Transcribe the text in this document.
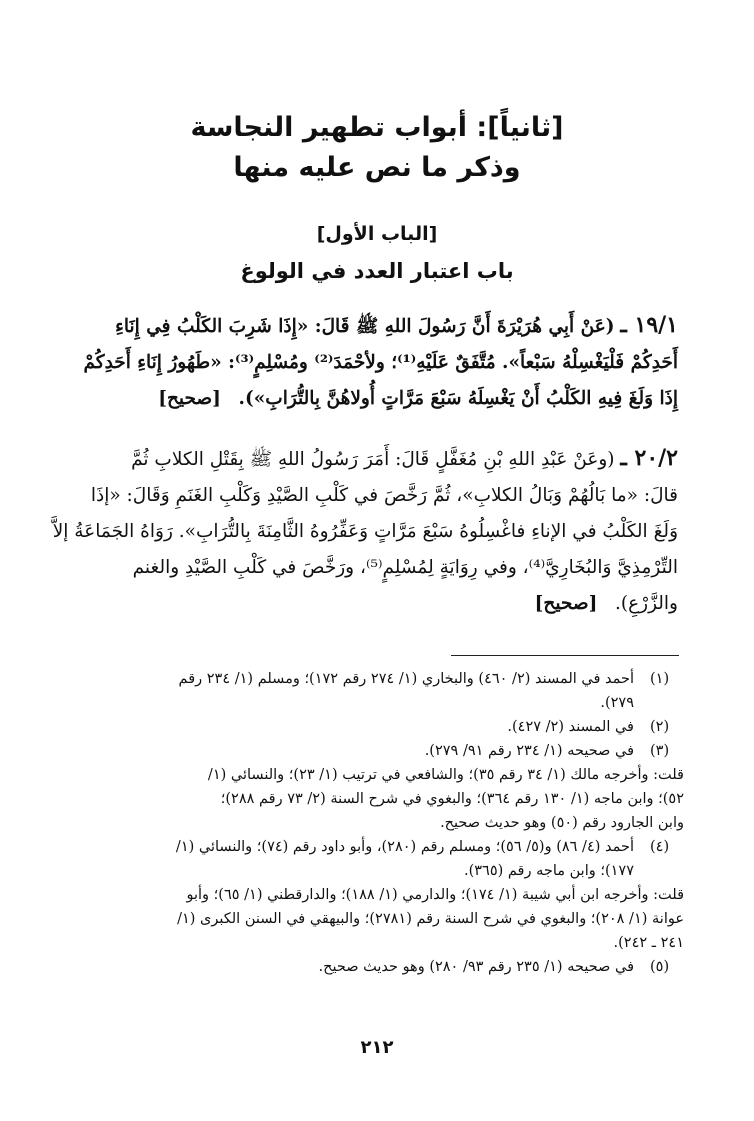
[ثانياً]: أبواب تطهير النجاسة
وذكر ما نص عليه منها
[الباب الأول]
باب اعتبار العدد في الولوغ
١٩/١ ـ (عَنْ أَبِي هُرَيْرَةَ أَنَّ رَسُولَ اللهِ ﷺ قَالَ: «إِذَا شَرِبَ الكَلْبُ فِي إِنَاءِ
أَحَدِكُمْ فَلْيَغْسِلْهُ سَبْعاً». مُتَّفَقٌ عَلَيْهِ⁽¹⁾؛ ولأحْمَدَ⁽²⁾ ومُسْلِمٍ⁽³⁾: «طَهُورُ إِنَاءِ أَحَدِكُمْ
إِذَا وَلَغَ فِيهِ الكَلْبُ أَنْ يَغْسِلَهُ سَبْعَ مَرَّاتٍ أُولاهُنَّ بِالتُّرَابِ»).   [صحيح]
٢٠/٢ ـ (وعَنْ عَبْدِ اللهِ بْنِ مُغَفَّلٍ قَالَ: أَمَرَ رَسُولُ اللهِ ﷺ بِقَتْلِ الكلابِ ثُمَّ
قالَ: «ما بَالُهُمْ وَبَالُ الكلابِ»، ثُمَّ رَخَّصَ في كَلْبِ الصَّيْدِ وَكَلْبِ الغَنَمِ وَقَالَ: «إذَا
وَلَغَ الكَلْبُ في الإناءِ فاغْسِلُوهُ سَبْعَ مَرَّاتٍ وَعَفِّرُوهُ الثَّامِنَةَ بِالتُّرَابِ». رَوَاهُ الجَمَاعَةُ إلاَّ
التِّرْمِذِيَّ وَالبُخَارِيَّ⁽⁴⁾، وفي رِوَايَةٍ لِمُسْلِمٍ⁽⁵⁾، ورَخَّصَ في كَلْبِ الصَّيْدِ والغنم
والزَّرْعِ).   [صحيح]
(١)
أحمد في المسند (٢/ ٤٦٠) والبخاري (١/ ٢٧٤ رقم ١٧٢)؛ ومسلم (١/ ٢٣٤ رقم
٢٧٩).
(٢)
في المسند (٢/ ٤٢٧).
(٣)
في صحيحه (١/ ٢٣٤ رقم ٩١/ ٢٧٩).
قلت: وأخرجه مالك (١/ ٣٤ رقم ٣٥)؛ والشافعي في ترتيب (١/ ٢٣)؛ والنسائي (١/
٥٢)؛ وابن ماجه (١/ ١٣٠ رقم ٣٦٤)؛ والبغوي في شرح السنة (٢/ ٧٣ رقم ٢٨٨)؛
وابن الجارود رقم (٥٠) وهو حديث صحيح.
(٤)
أحمد (٤/ ٨٦) و(٥/ ٥٦)؛ ومسلم رقم (٢٨٠)، وأبو داود رقم (٧٤)؛ والنسائي (١/
١٧٧)؛ وابن ماجه رقم (٣٦٥).
قلت: وأخرجه ابن أبي شيبة (١/ ١٧٤)؛ والدارمي (١/ ١٨٨)؛ والدارقطني (١/ ٦٥)؛ وأبو
عوانة (١/ ٢٠٨)؛ والبغوي في شرح السنة رقم (٢٧٨١)؛ والبيهقي في السنن الكبرى (١/
٢٤١ ـ ٢٤٢).
(٥)
في صحيحه (١/ ٢٣٥ رقم ٩٣/ ٢٨٠) وهو حديث صحيح.
٢١٢
